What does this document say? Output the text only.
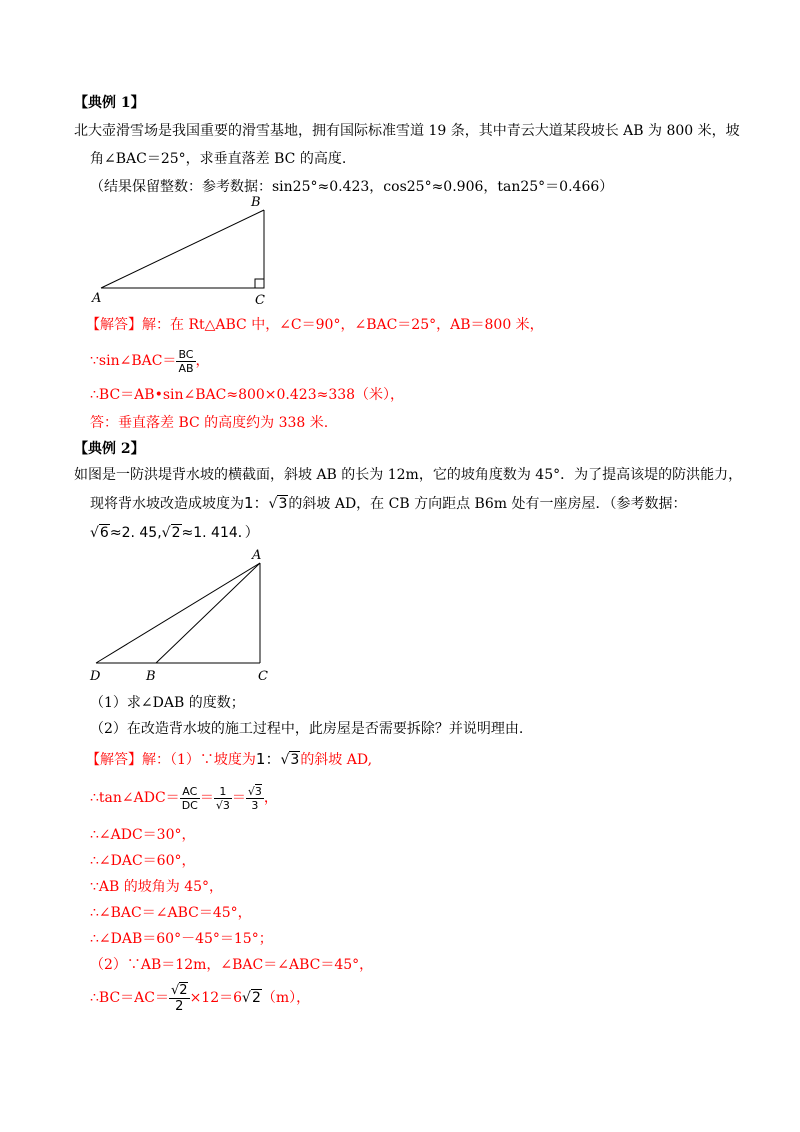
【典例 1】
北大壶滑雪场是我国重要的滑雪基地，拥有国际标准雪道 19 条，其中青云大道某段坡长 AB 为 800 米，坡
角∠BAC＝25°，求垂直落差 BC 的高度.
（结果保留整数：参考数据：sin25°≈0.423，cos25°≈0.906，tan25°＝0.466）
B
A	C
【解答】解：在 Rt△ABC 中，∠C＝90°，∠BAC＝25°，AB＝800 米，
∵sin∠BAC＝ $\frac{BC}{AB}$ ，
∴BC＝AB•sin∠BAC≈800×0.423≈338（米），
答：垂直落差 BC 的高度约为 338 米.
【典例 2】
如图是一防洪堤背水坡的横截面，斜坡 AB 的长为 12m，它的坡角度数为 45°．为了提高该堤的防洪能力，
现将背水坡改造成坡度为1：√3的斜坡 AD，在 CB 方向距点 B6m 处有一座房屋．（参考数据：
√6≈2. 45,√2≈1. 414．）
A
D	B	C
（1）求∠DAB 的度数；
（2）在改造背水坡的施工过程中，此房屋是否需要拆除？并说明理由.
【解答】解：（1）∵坡度为1：√3的斜坡 AD,
∴tan∠ADC＝ $\frac{AC}{DC} = \frac{1}{√3} = \frac{√3}{3}$ ，
∴∠ADC＝30°，
∴∠DAC＝60°，
∵AB 的坡角为 45°，
∴∠BAC＝∠ABC＝45°，
∴∠DAB＝60°－45°＝15°；
（2）∵AB＝12m，∠BAC＝∠ABC＝45°，
∴BC＝AC＝ $\frac{√2}{2} \times 12=6√2(m)$，
